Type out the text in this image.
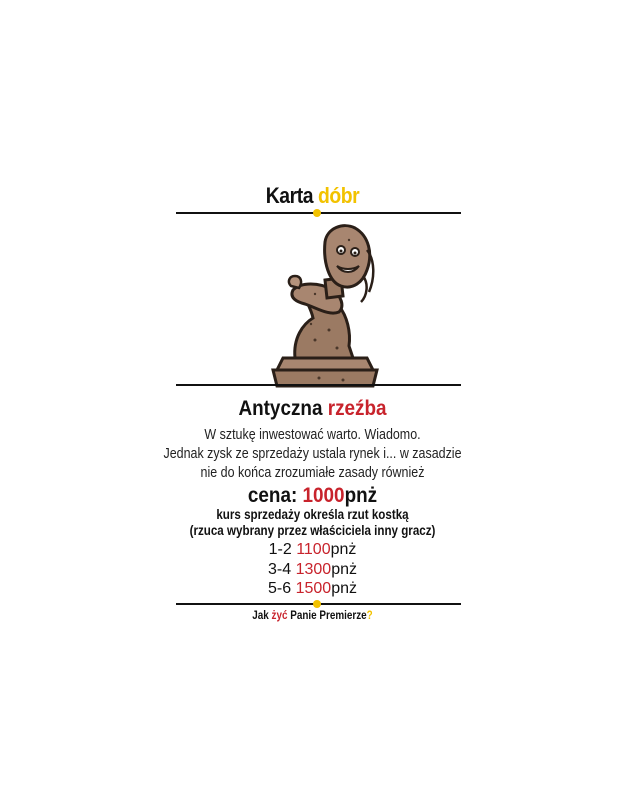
Karta dóbr
Antyczna rzeźba
W sztukę inwestować warto. Wiadomo.
Jednak zysk ze sprzedaży ustala rynek i... w zasadzie
nie do końca zrozumiałe zasady również
cena: 1000pnż
kurs sprzedaży określa rzut kostką
(rzuca wybrany przez właściciela inny gracz)
1-2 1100pnż
3-4 1300pnż
5-6 1500pnż
Jak żyć Panie Premierze?
